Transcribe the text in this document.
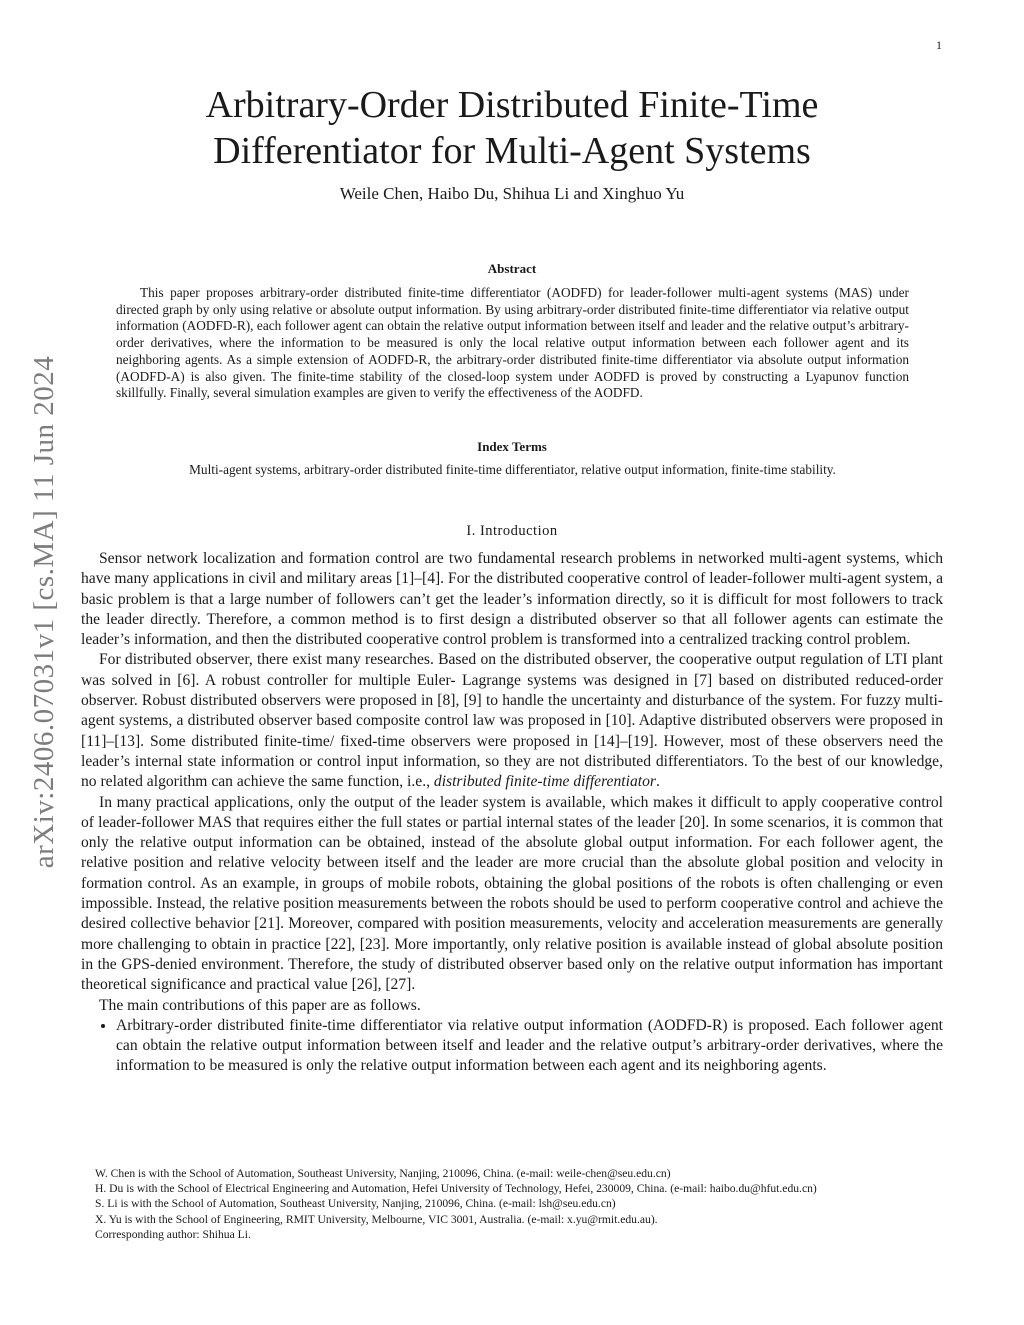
1
arXiv:2406.07031v1 [cs.MA] 11 Jun 2024
Arbitrary-Order Distributed Finite-Time
Differentiator for Multi-Agent Systems
Weile Chen, Haibo Du, Shihua Li and Xinghuo Yu
Abstract
This paper proposes arbitrary-order distributed finite-time differentiator (AODFD) for leader-follower multi-agent systems (MAS) under directed graph by only using relative or absolute output information. By using arbitrary-order distributed finite-time differentiator via relative output information (AODFD-R), each follower agent can obtain the relative output information between itself and leader and the relative output’s arbitrary-order derivatives, where the information to be measured is only the local relative output information between each follower agent and its neighboring agents. As a simple extension of AODFD-R, the arbitrary-order distributed finite-time differentiator via absolute output information (AODFD-A) is also given. The finite-time stability of the closed-loop system under AODFD is proved by constructing a Lyapunov function skillfully. Finally, several simulation examples are given to verify the effectiveness of the AODFD.
Index Terms
Multi-agent systems, arbitrary-order distributed finite-time differentiator, relative output information, finite-time stability.
I. Introduction

Sensor network localization and formation control are two fundamental research problems in networked multi-agent systems, which have many applications in civil and military areas [1]–[4]. For the distributed cooperative control of leader-follower multi-agent system, a basic problem is that a large number of followers can’t get the leader’s information directly, so it is difficult for most followers to track the leader directly. Therefore, a common method is to first design a distributed observer so that all follower agents can estimate the leader’s information, and then the distributed cooperative control problem is transformed into a centralized tracking control problem.

For distributed observer, there exist many researches. Based on the distributed observer, the cooperative output regulation of LTI plant was solved in [6]. A robust controller for multiple Euler- Lagrange systems was designed in [7] based on distributed reduced-order observer. Robust distributed observers were proposed in [8], [9] to handle the uncertainty and disturbance of the system. For fuzzy multi-agent systems, a distributed observer based composite control law was proposed in [10]. Adaptive distributed observers were proposed in [11]–[13]. Some distributed finite-time/ fixed-time observers were proposed in [14]–[19]. However, most of these observers need the leader’s internal state information or control input information, so they are not distributed differentiators. To the best of our knowledge, no related algorithm can achieve the same function, i.e., distributed finite-time differentiator.

In many practical applications, only the output of the leader system is available, which makes it difficult to apply cooperative control of leader-follower MAS that requires either the full states or partial internal states of the leader [20]. In some scenarios, it is common that only the relative output information can be obtained, instead of the absolute global output information. For each follower agent, the relative position and relative velocity between itself and the leader are more crucial than the absolute global position and velocity in formation control. As an example, in groups of mobile robots, obtaining the global positions of the robots is often challenging or even impossible. Instead, the relative position measurements between the robots should be used to perform cooperative control and achieve the desired collective behavior [21]. Moreover, compared with position measurements, velocity and acceleration measurements are generally more challenging to obtain in practice [22], [23]. More importantly, only relative position is available instead of global absolute position in the GPS-denied environment. Therefore, the study of distributed observer based only on the relative output information has important theoretical significance and practical value [26], [27].

The main contributions of this paper are as follows.

• Arbitrary-order distributed finite-time differentiator via relative output information (AODFD-R) is proposed. Each follower agent can obtain the relative output information between itself and leader and the relative output’s arbitrary-order derivatives, where the information to be measured is only the relative output information between each agent and its neighboring agents.
W. Chen is with the School of Automation, Southeast University, Nanjing, 210096, China. (e-mail: weile-chen@seu.edu.cn)
H. Du is with the School of Electrical Engineering and Automation, Hefei University of Technology, Hefei, 230009, China. (e-mail: haibo.du@hfut.edu.cn)
S. Li is with the School of Automation, Southeast University, Nanjing, 210096, China. (e-mail: lsh@seu.edu.cn)
X. Yu is with the School of Engineering, RMIT University, Melbourne, VIC 3001, Australia. (e-mail: x.yu@rmit.edu.au).
Corresponding author: Shihua Li.
